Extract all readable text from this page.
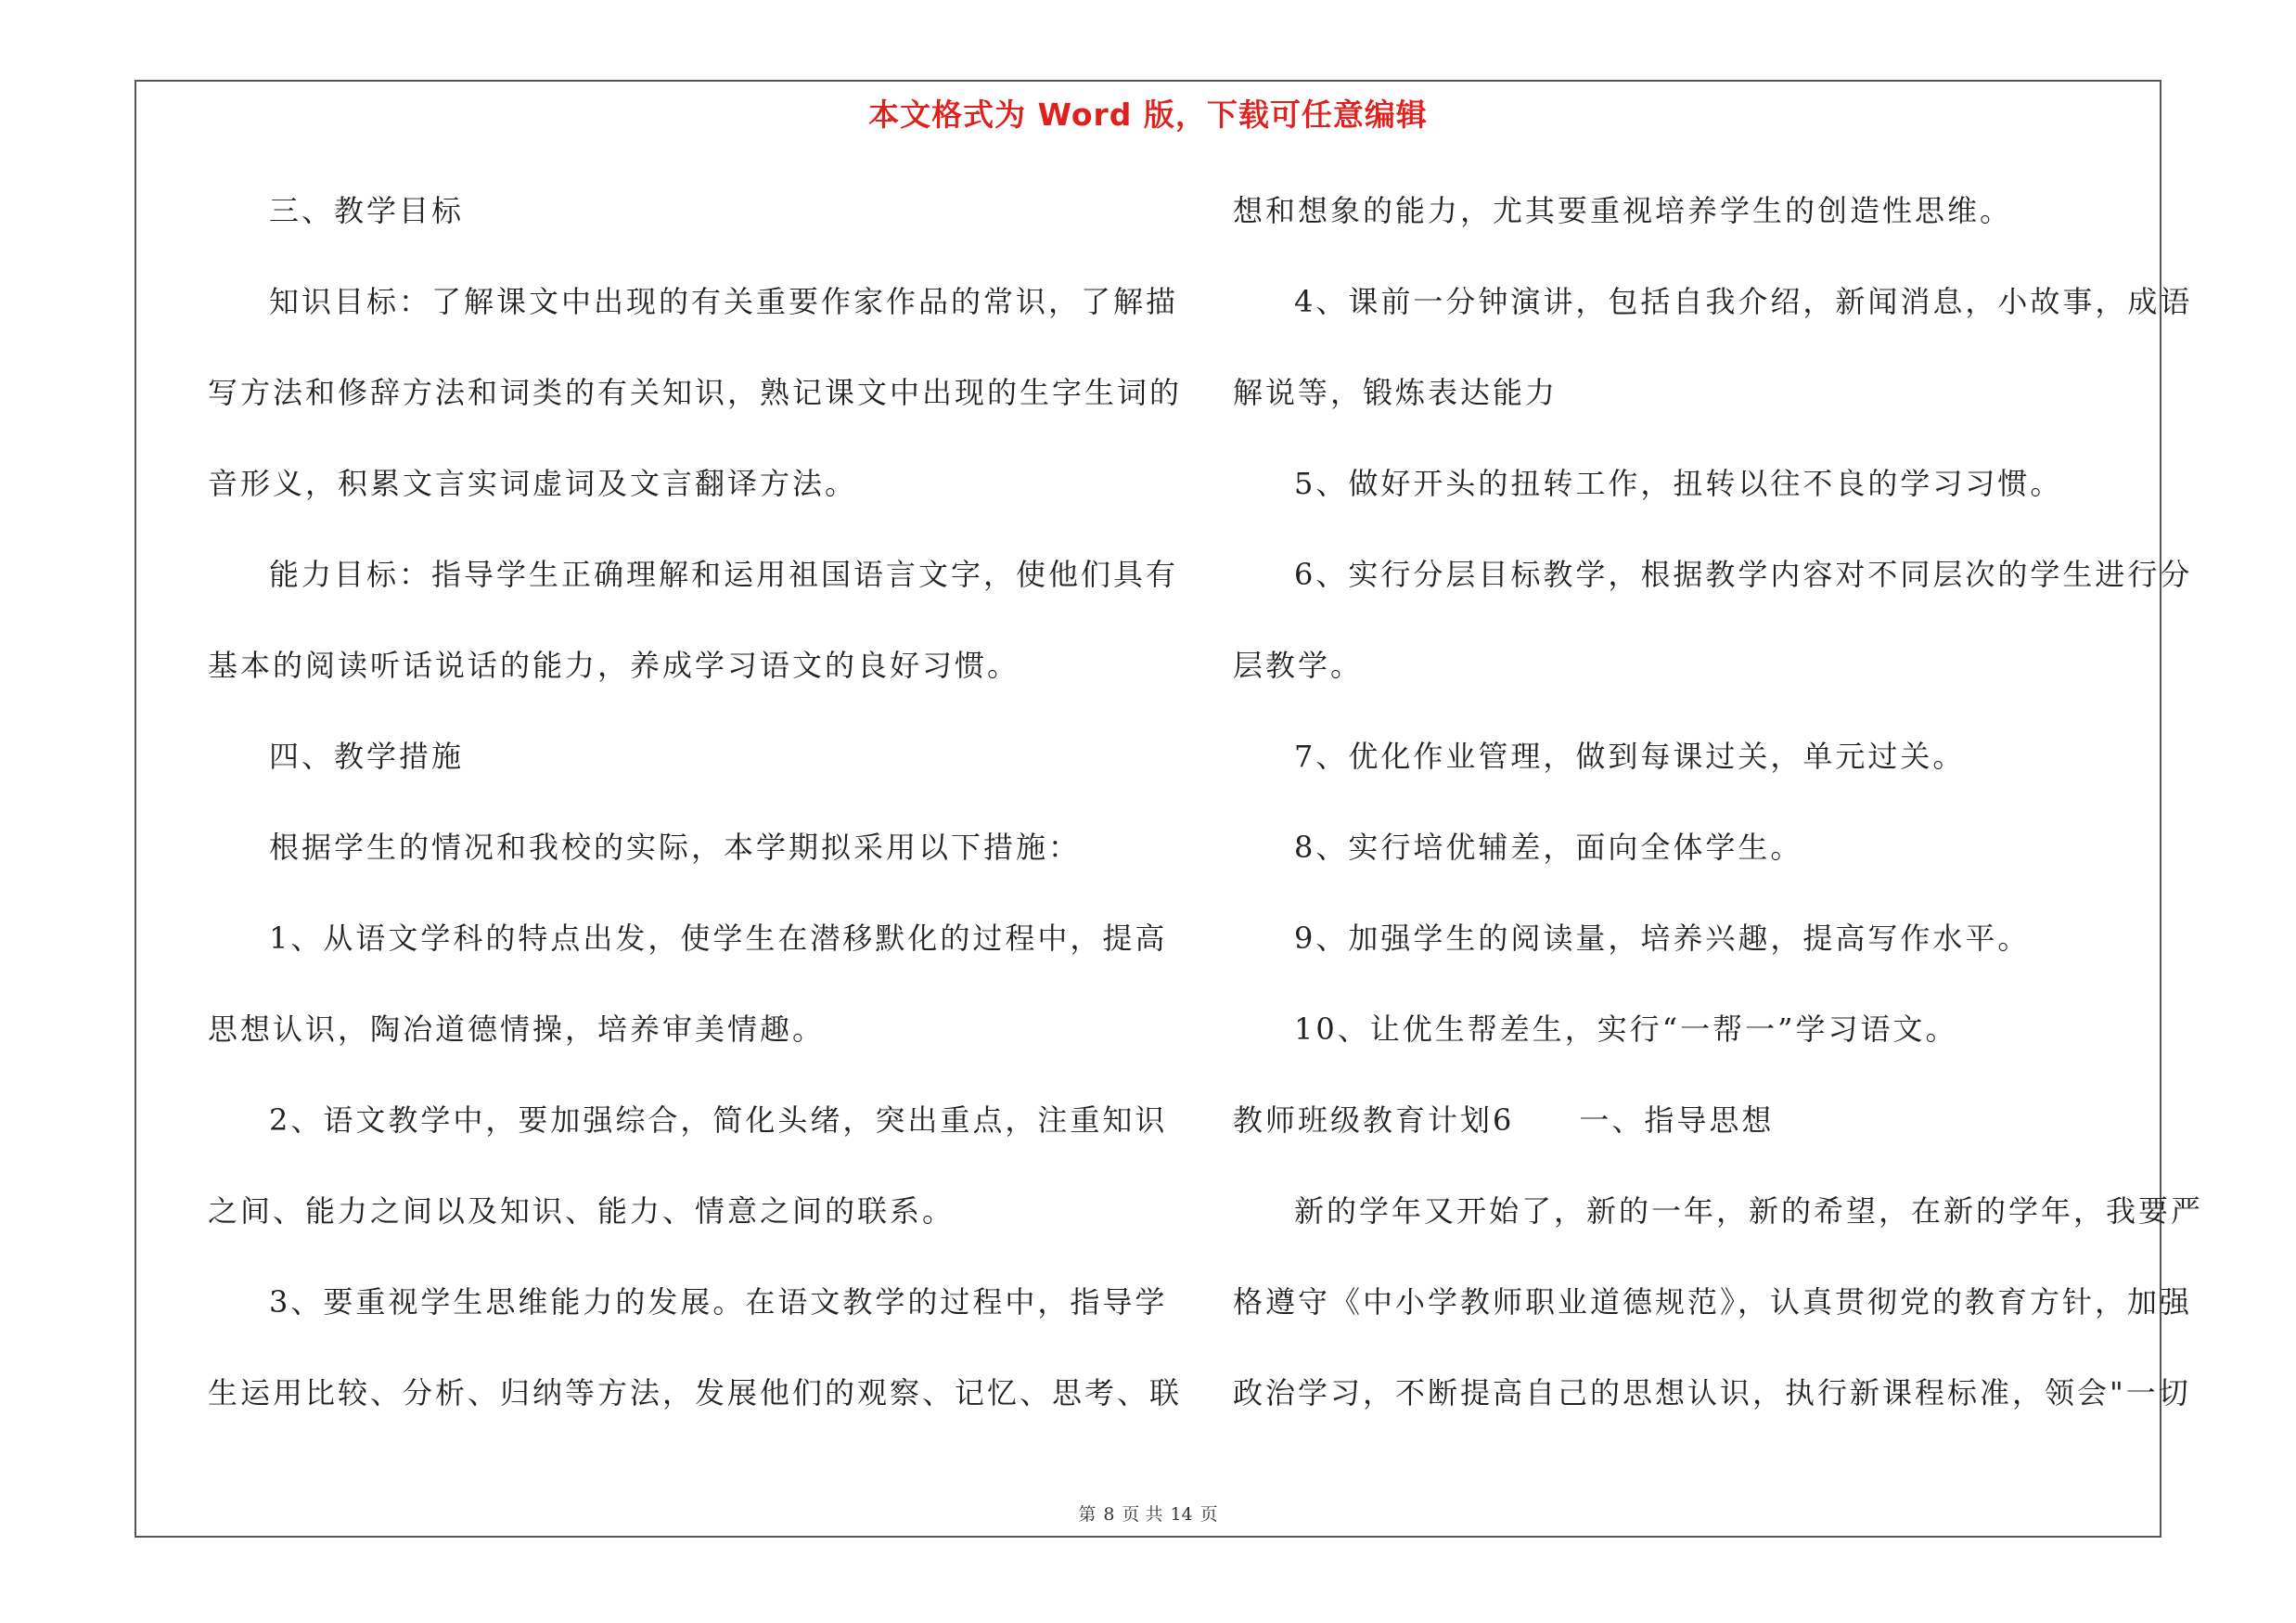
本文格式为 Word 版，下载可任意编辑
三、教学目标
知识目标：了解课文中出现的有关重要作家作品的常识，了解描
写方法和修辞方法和词类的有关知识，熟记课文中出现的生字生词的
音形义，积累文言实词虚词及文言翻译方法。
能力目标：指导学生正确理解和运用祖国语言文字，使他们具有
基本的阅读听话说话的能力，养成学习语文的良好习惯。
四、教学措施
根据学生的情况和我校的实际，本学期拟采用以下措施：
1、从语文学科的特点出发，使学生在潜移默化的过程中，提高
思想认识，陶冶道德情操，培养审美情趣。
2、语文教学中，要加强综合，简化头绪，突出重点，注重知识
之间、能力之间以及知识、能力、情意之间的联系。
3、要重视学生思维能力的发展。在语文教学的过程中，指导学
生运用比较、分析、归纳等方法，发展他们的观察、记忆、思考、联
想和想象的能力，尤其要重视培养学生的创造性思维。
4、课前一分钟演讲，包括自我介绍，新闻消息，小故事，成语
解说等，锻炼表达能力
5、做好开头的扭转工作，扭转以往不良的学习习惯。
6、实行分层目标教学，根据教学内容对不同层次的学生进行分
层教学。
7、优化作业管理，做到每课过关，单元过关。
8、实行培优辅差，面向全体学生。
9、加强学生的阅读量，培养兴趣，提高写作水平。
10、让优生帮差生，实行“一帮一”学习语文。
教师班级教育计划6　　一、指导思想
新的学年又开始了，新的一年，新的希望，在新的学年，我要严
格遵守《中小学教师职业道德规范》，认真贯彻党的教育方针，加强
政治学习，不断提高自己的思想认识，执行新课程标准，领会"一切
第 8 页 共 14 页
